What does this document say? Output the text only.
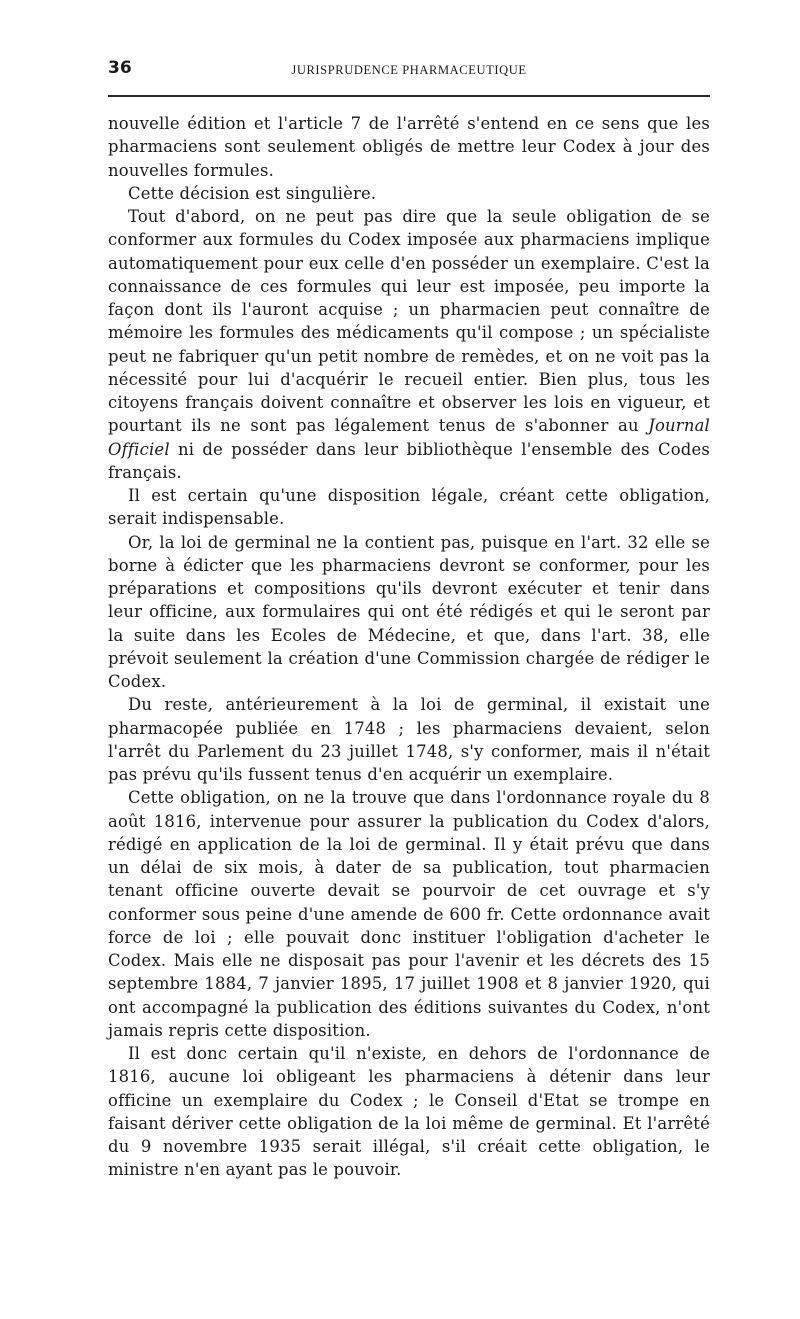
36	JURISPRUDENCE PHARMACEUTIQUE

nouvelle édition et l'article 7 de l'arrêté s'entend en ce sens que les pharmaciens sont seulement obligés de mettre leur Codex à jour des nouvelles formules.

Cette décision est singulière.

Tout d'abord, on ne peut pas dire que la seule obligation de se conformer aux formules du Codex imposée aux pharmaciens implique automatiquement pour eux celle d'en posséder un exemplaire. C'est la connaissance de ces formules qui leur est imposée, peu importe la façon dont ils l'auront acquise ; un pharmacien peut connaître de mémoire les formules des médicaments qu'il compose ; un spécialiste peut ne fabriquer qu'un petit nombre de remèdes, et on ne voit pas la nécessité pour lui d'acquérir le recueil entier. Bien plus, tous les citoyens français doivent connaître et observer les lois en vigueur, et pourtant ils ne sont pas légalement tenus de s'abonner au Journal Officiel ni de posséder dans leur bibliothèque l'ensemble des Codes français.

Il est certain qu'une disposition légale, créant cette obligation, serait indispensable.

Or, la loi de germinal ne la contient pas, puisque en l'art. 32 elle se borne à édicter que les pharmaciens devront se conformer, pour les préparations et compositions qu'ils devront exécuter et tenir dans leur officine, aux formulaires qui ont été rédigés et qui le seront par la suite dans les Ecoles de Médecine, et que, dans l'art. 38, elle prévoit seulement la création d'une Commission chargée de rédiger le Codex.

Du reste, antérieurement à la loi de germinal, il existait une pharmacopée publiée en 1748 ; les pharmaciens devaient, selon l'arrêt du Parlement du 23 juillet 1748, s'y conformer, mais il n'était pas prévu qu'ils fussent tenus d'en acquérir un exemplaire.

Cette obligation, on ne la trouve que dans l'ordonnance royale du 8 août 1816, intervenue pour assurer la publication du Codex d'alors, rédigé en application de la loi de germinal. Il y était prévu que dans un délai de six mois, à dater de sa publication, tout pharmacien tenant officine ouverte devait se pourvoir de cet ouvrage et s'y conformer sous peine d'une amende de 600 fr. Cette ordonnance avait force de loi ; elle pouvait donc instituer l'obligation d'acheter le Codex. Mais elle ne disposait pas pour l'avenir et les décrets des 15 septembre 1884, 7 janvier 1895, 17 juillet 1908 et 8 janvier 1920, qui ont accompagné la publication des éditions suivantes du Codex, n'ont jamais repris cette disposition.

Il est donc certain qu'il n'existe, en dehors de l'ordonnance de 1816, aucune loi obligeant les pharmaciens à détenir dans leur officine un exemplaire du Codex ; le Conseil d'Etat se trompe en faisant dériver cette obligation de la loi même de germinal. Et l'arrêté du 9 novembre 1935 serait illégal, s'il créait cette obligation, le ministre n'en ayant pas le pouvoir.
